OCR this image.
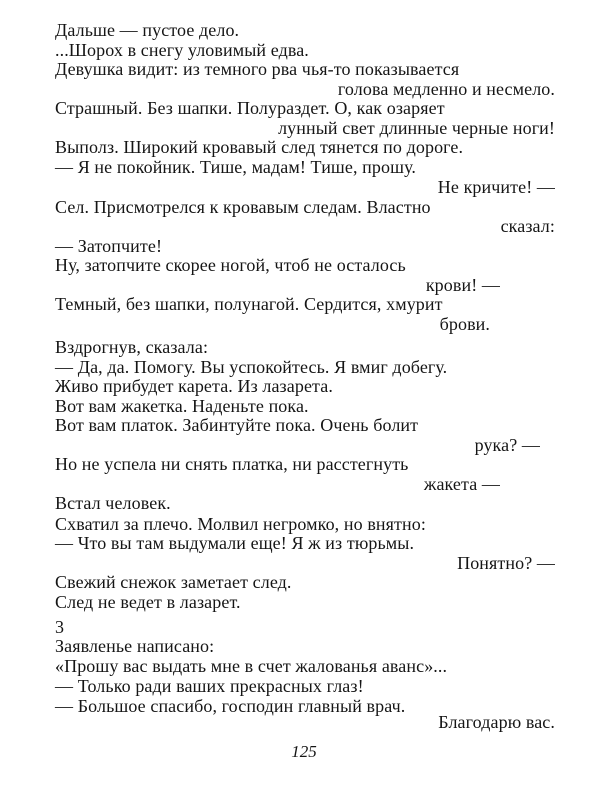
Дальше — пустое дело.
...Шорох в снегу уловимый едва.
Девушка видит: из темного рва чья-то показывается
голова медленно и несмело.
Страшный. Без шапки. Полураздет. О, как озаряет
лунный свет длинные черные ноги!
Выполз. Широкий кровавый след тянется по дороге.
— Я не покойник. Тише, мадам! Тише, прошу.
Не кричите! —
Сел. Присмотрелся к кровавым следам. Властно
сказал:
— Затопчите!
Ну, затопчите скорее ногой, чтоб не осталось
крови! —
Темный, без шапки, полунагой. Сердится, хмурит
брови.
Вздрогнув, сказала:
— Да, да. Помогу. Вы успокойтесь. Я вмиг добегу.
Живо прибудет карета. Из лазарета.
Вот вам жакетка. Наденьте пока.
Вот вам платок. Забинтуйте пока. Очень болит
рука? —
Но не успела ни снять платка, ни расстегнуть
жакета —
Встал человек.
Схватил за плечо. Молвил негромко, но внятно:
— Что вы там выдумали еще! Я ж из тюрьмы.
Понятно? —
Свежий снежок заметает след.
След не ведет в лазарет.
3
Заявленье написано:
«Прошу вас выдать мне в счет жалованья аванс»...
— Только ради ваших прекрасных глаз!
— Большое спасибо, господин главный врач.
Благодарю вас.
125
